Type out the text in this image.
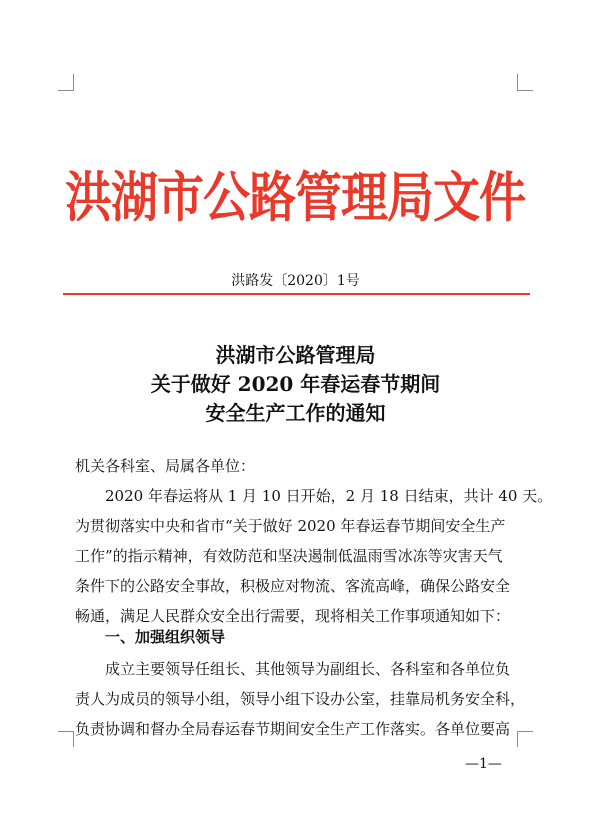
洪湖市公路管理局文件
洪路发〔2020〕1号
洪湖市公路管理局
关于做好 2020 年春运春节期间
安全生产工作的通知
机关各科室、局属各单位：
2020 年春运将从 1 月 10 日开始，2 月 18 日结束，共计 40 天。
为贯彻落实中央和省市“关于做好 2020 年春运春节期间安全生产
工作”的指示精神，有效防范和坚决遏制低温雨雪冰冻等灾害天气
条件下的公路安全事故，积极应对物流、客流高峰，确保公路安全
畅通，满足人民群众安全出行需要，现将相关工作事项通知如下：
一、加强组织领导
成立主要领导任组长、其他领导为副组长、各科室和各单位负
责人为成员的领导小组，领导小组下设办公室，挂靠局机务安全科，
负责协调和督办全局春运春节期间安全生产工作落实。各单位要高
—1—
